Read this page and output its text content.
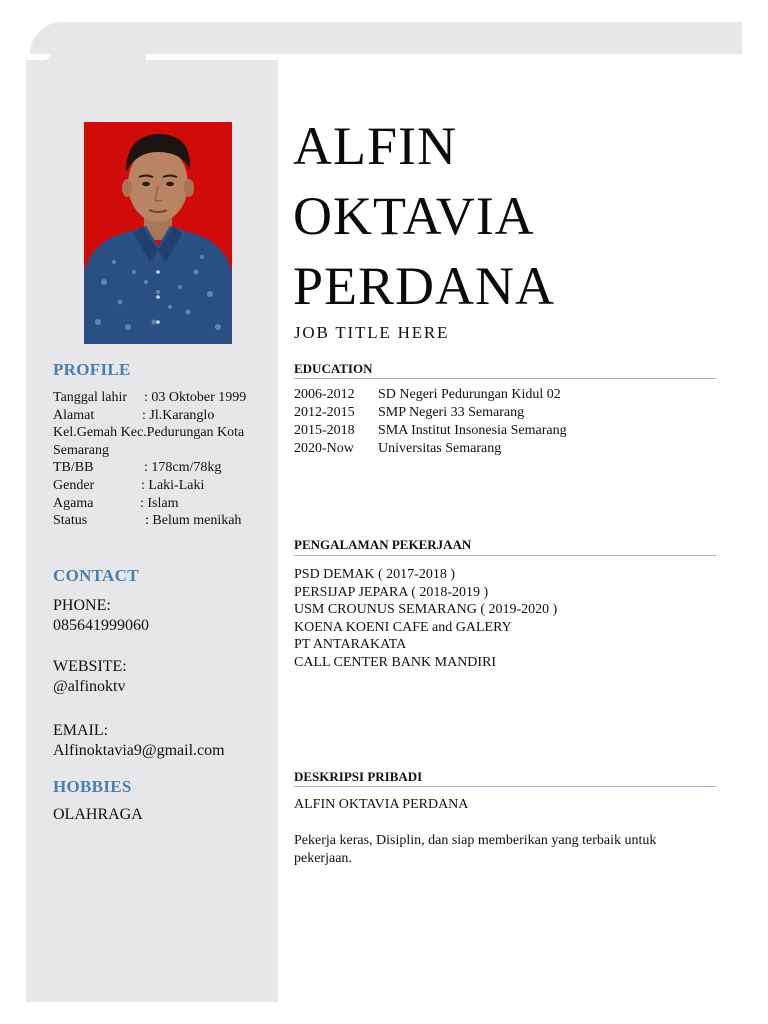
PROFILE
Tanggal lahir : 03 Oktober 1999
Alamat	: Jl.Karanglo
Kel.Gemah Kec.Pedurungan Kota Semarang
TB/BB	: 178cm/78kg
Gender	: Laki-Laki
Agama	: Islam
Status	: Belum menikah
CONTACT
PHONE:
085641999060
WEBSITE:
@alfinoktv
EMAIL:
Alfinoktavia9@gmail.com
HOBBIES
OLAHRAGA
ALFIN
OKTAVIA
PERDANA
JOB TITLE HERE
EDUCATION
2006-2012 SD Negeri Pedurungan Kidul 02
2012-2015 SMP Negeri 33 Semarang
2015-2018 SMA Institut Insonesia Semarang
2020-Now Universitas Semarang
PENGALAMAN PEKERJAAN
PSD DEMAK ( 2017-2018 )
PERSIJAP JEPARA ( 2018-2019 )
USM CROUNUS SEMARANG ( 2019-2020 )
KOENA KOENI CAFE and GALERY
PT ANTARAKATA
CALL CENTER BANK MANDIRI
DESKRIPSI PRIBADI
ALFIN OKTAVIA PERDANA
Pekerja keras, Disiplin, dan siap memberikan yang terbaik untuk pekerjaan.
